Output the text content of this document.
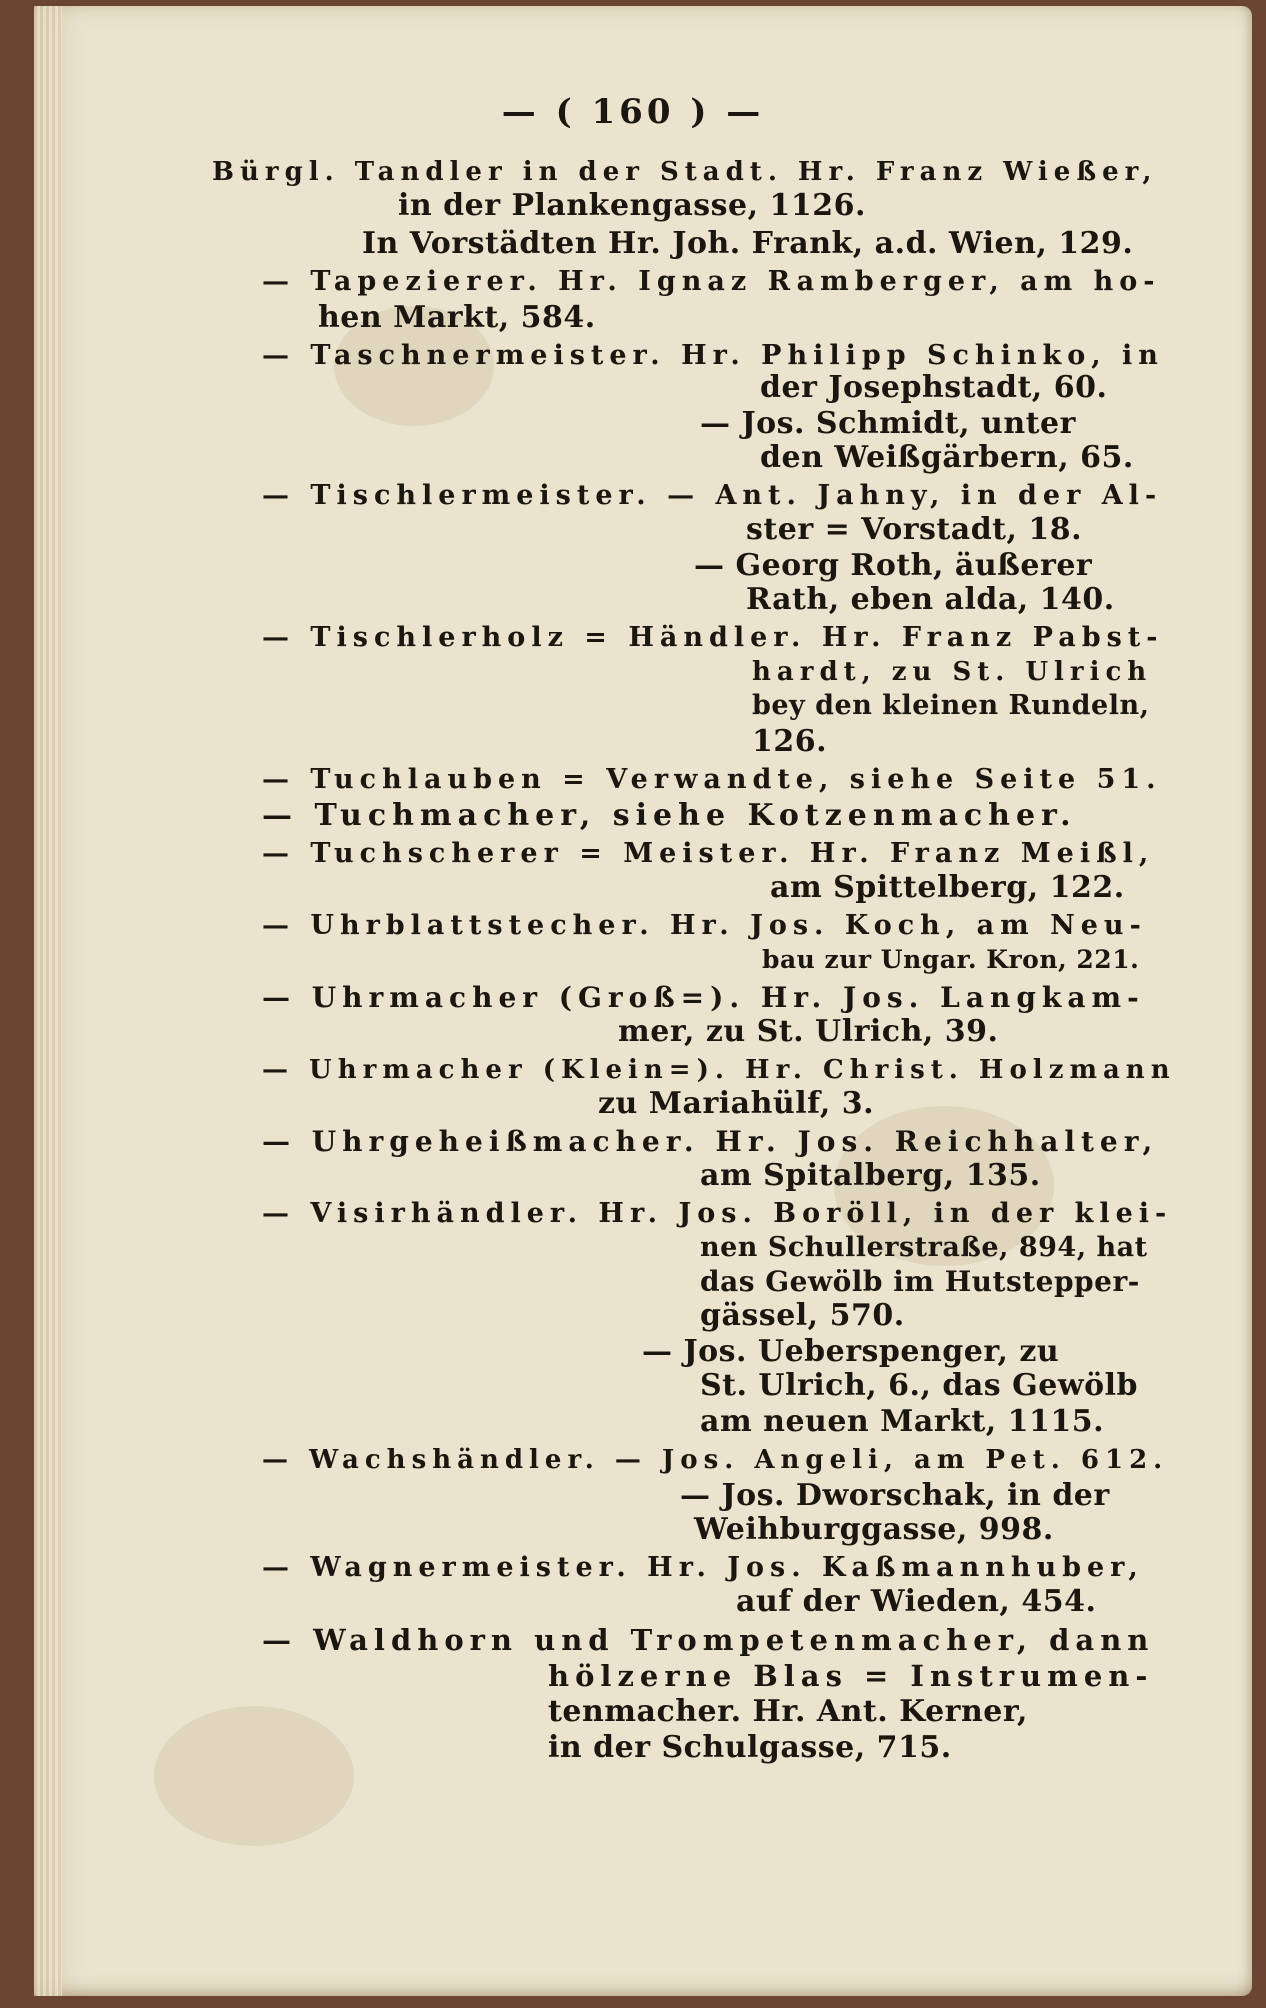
— ( 160 ) —
Bürgl. Tandler in der Stadt. Hr. Franz Wießer,
in der Plankengasse, 1126.
In Vorstädten Hr. Joh. Frank, a.d. Wien, 129.
— Tapezierer. Hr. Ignaz Ramberger, am ho-
hen Markt, 584.
— Taschnermeister. Hr. Philipp Schinko, in
der Josephstadt, 60.
— Jos. Schmidt, unter
den Weißgärbern, 65.
— Tischlermeister. — Ant. Jahny, in der Al-
ster = Vorstadt, 18.
— Georg Roth, äußerer
Rath, eben alda, 140.
— Tischlerholz = Händler. Hr. Franz Pabst-
hardt, zu St. Ulrich
bey den kleinen Rundeln,
126.
— Tuchlauben = Verwandte, siehe Seite 51.
— Tuchmacher, siehe Kotzenmacher.
— Tuchscherer = Meister. Hr. Franz Meißl,
am Spittelberg, 122.
— Uhrblattstecher. Hr. Jos. Koch, am Neu-
bau zur Ungar. Kron, 221.
— Uhrmacher (Groß=). Hr. Jos. Langkam-
mer, zu St. Ulrich, 39.
— Uhrmacher (Klein=). Hr. Christ. Holzmann
zu Mariahülf, 3.
— Uhrgeheißmacher. Hr. Jos. Reichhalter,
am Spitalberg, 135.
— Visirhändler. Hr. Jos. Boröll, in der klei-
nen Schullerstraße, 894, hat
das Gewölb im Hutstepper-
gässel, 570.
— Jos. Ueberspenger, zu
St. Ulrich, 6., das Gewölb
am neuen Markt, 1115.
— Wachshändler. — Jos. Angeli, am Pet. 612.
— Jos. Dworschak, in der
Weihburggasse, 998.
— Wagnermeister. Hr. Jos. Kaßmannhuber,
auf der Wieden, 454.
— Waldhorn und Trompetenmacher, dann
hölzerne Blas = Instrumen-
tenmacher. Hr. Ant. Kerner,
in der Schulgasse, 715.
